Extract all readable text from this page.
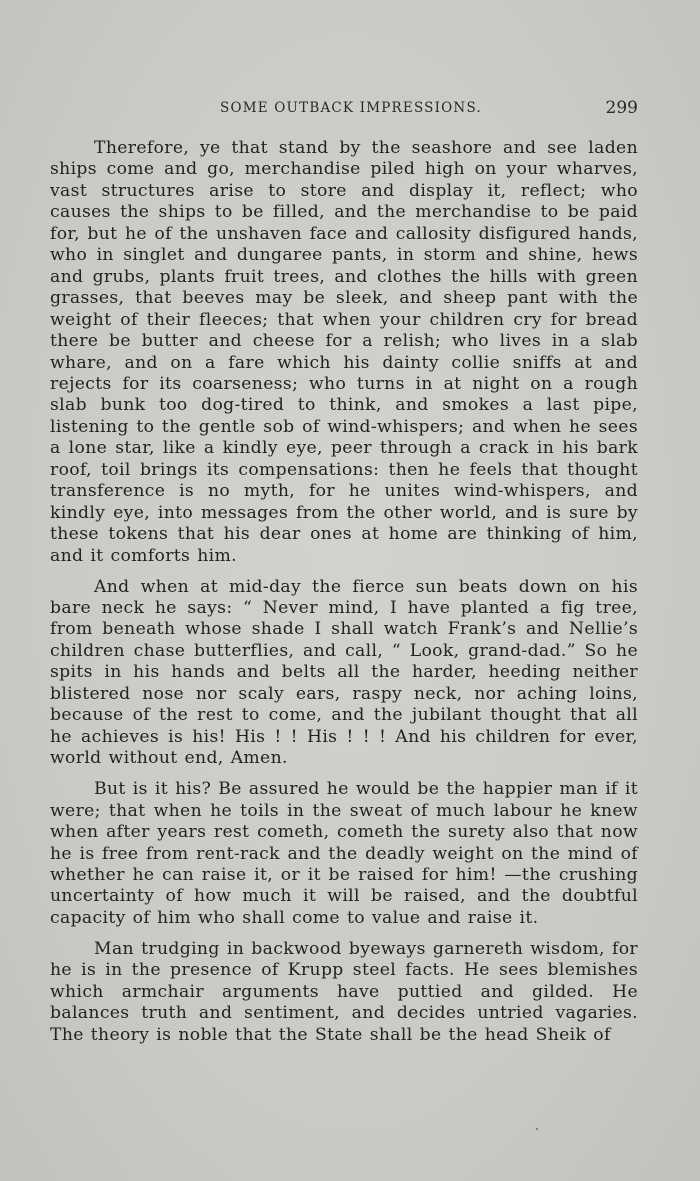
SOME OUTBACK IMPRESSIONS.	299

Therefore, ye that stand by the seashore and see laden ships come and go, merchandise piled high on your wharves, vast structures arise to store and display it, reflect; who causes the ships to be filled, and the merchandise to be paid for, but he of the unshaven face and callosity disfigured hands, who in singlet and dungaree pants, in storm and shine, hews and grubs, plants fruit trees, and clothes the hills with green grasses, that beeves may be sleek, and sheep pant with the weight of their fleeces; that when your children cry for bread there be butter and cheese for a relish; who lives in a slab whare, and on a fare which his dainty collie sniffs at and rejects for its coarseness; who turns in at night on a rough slab bunk too dog-tired to think, and smokes a last pipe, listening to the gentle sob of wind-whispers; and when he sees a lone star, like a kindly eye, peer through a crack in his bark roof, toil brings its compensations: then he feels that thought transference is no myth, for he unites wind-whispers, and kindly eye, into messages from the other world, and is sure by these tokens that his dear ones at home are thinking of him, and it comforts him.

And when at mid-day the fierce sun beats down on his bare neck he says: “ Never mind, I have planted a fig tree, from beneath whose shade I shall watch Frank’s and Nellie’s children chase butterflies, and call, “ Look, grand-dad.” So he spits in his hands and belts all the harder, heeding neither blistered nose nor scaly ears, raspy neck, nor aching loins, because of the rest to come, and the jubilant thought that all he achieves is his! His ! ! His ! ! ! And his children for ever, world without end, Amen.

But is it his? Be assured he would be the happier man if it were; that when he toils in the sweat of much labour he knew when after years rest cometh, cometh the surety also that now he is free from rent-rack and the deadly weight on the mind of whether he can raise it, or it be raised for him! —the crushing uncertainty of how much it will be raised, and the doubtful capacity of him who shall come to value and raise it.

Man trudging in backwood byeways garnereth wisdom, for he is in the presence of Krupp steel facts. He sees blemishes which armchair arguments have puttied and gilded. He balances truth and sentiment, and decides untried vagaries. The theory is noble that the State shall be the head Sheik of
